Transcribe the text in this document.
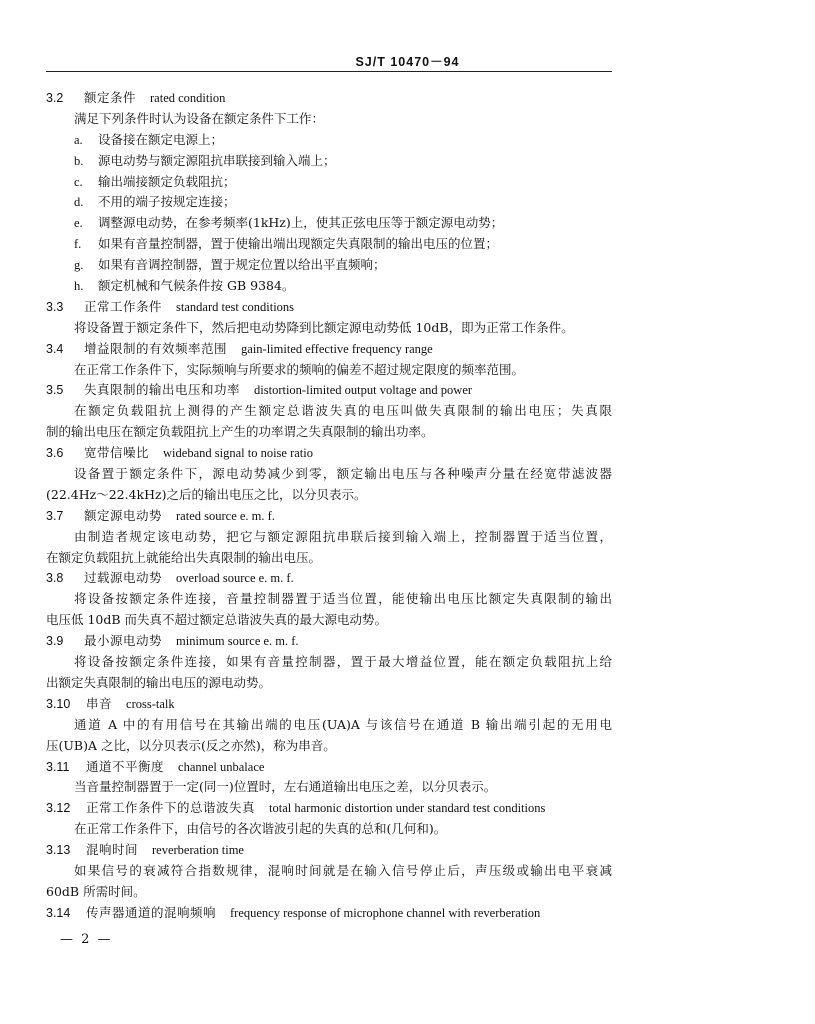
SJ/T 10470－94
3.2 额定条件 rated condition
满足下列条件时认为设备在额定条件下工作：
a. 设备接在额定电源上；
b. 源电动势与额定源阻抗串联接到输入端上；
c. 输出端接额定负载阻抗；
d. 不用的端子按规定连接；
e. 调整源电动势，在参考频率(1kHz)上，使其正弦电压等于额定源电动势；
f. 如果有音量控制器，置于使输出端出现额定失真限制的输出电压的位置；
g. 如果有音调控制器，置于规定位置以给出平直频响；
h. 额定机械和气候条件按 GB 9384。
3.3 正常工作条件 standard test conditions
将设备置于额定条件下，然后把电动势降到比额定源电动势低 10dB，即为正常工作条件。
3.4 增益限制的有效频率范围 gain-limited effective frequency range
在正常工作条件下，实际频响与所要求的频响的偏差不超过规定限度的频率范围。
3.5 失真限制的输出电压和功率 distortion-limited output voltage and power
在额定负载阻抗上测得的产生额定总谐波失真的电压叫做失真限制的输出电压；失真限
制的输出电压在额定负载阻抗上产生的功率谓之失真限制的输出功率。
3.6 宽带信噪比 wideband signal to noise ratio
设备置于额定条件下，源电动势减少到零，额定输出电压与各种噪声分量在经宽带滤波器
(22.4Hz～22.4kHz)之后的输出电压之比，以分贝表示。
3.7 额定源电动势 rated source e. m. f.
由制造者规定该电动势，把它与额定源阻抗串联后接到输入端上，控制器置于适当位置，
在额定负载阻抗上就能给出失真限制的输出电压。
3.8 过载源电动势 overload source e. m. f.
将设备按额定条件连接，音量控制器置于适当位置，能使输出电压比额定失真限制的输出
电压低 10dB 而失真不超过额定总谐波失真的最大源电动势。
3.9 最小源电动势 minimum source e. m. f.
将设备按额定条件连接，如果有音量控制器，置于最大增益位置，能在额定负载阻抗上给
出额定失真限制的输出电压的源电动势。
3.10 串音 cross-talk
通道 A 中的有用信号在其输出端的电压(UA)A 与该信号在通道 B 输出端引起的无用电
压(UB)A 之比，以分贝表示(反之亦然)，称为串音。
3.11 通道不平衡度 channel unbalace
当音量控制器置于一定(同一)位置时，左右通道输出电压之差，以分贝表示。
3.12 正常工作条件下的总谐波失真 total harmonic distortion under standard test conditions
在正常工作条件下，由信号的各次谐波引起的失真的总和(几何和)。
3.13 混响时间 reverberation time
如果信号的衰减符合指数规律，混响时间就是在输入信号停止后，声压级或输出电平衰减
60dB 所需时间。
3.14 传声器通道的混响频响 frequency response of microphone channel with reverberation
— 2 —
